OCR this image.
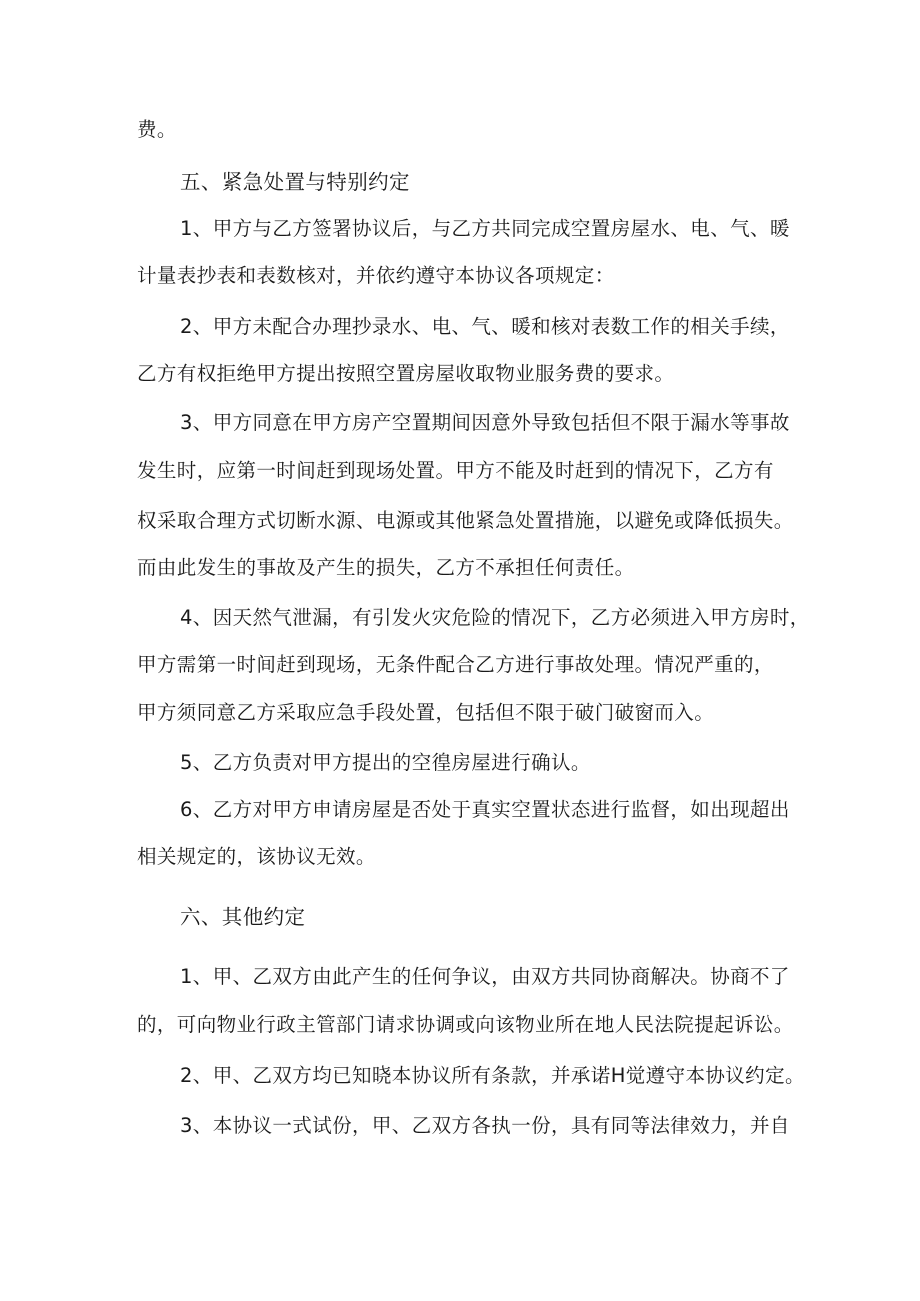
费。
五、紧急处置与特别约定
1、甲方与乙方签署协议后，与乙方共同完成空置房屋水、电、气、暖
计量表抄表和表数核对，并依约遵守本协议各项规定：
2、甲方未配合办理抄录水、电、气、暖和核对表数工作的相关手续，
乙方有权拒绝甲方提出按照空置房屋收取物业服务费的要求。
3、甲方同意在甲方房产空置期间因意外导致包括但不限于漏水等事故
发生时，应第一时间赶到现场处置。甲方不能及时赶到的情况下，乙方有
权采取合理方式切断水源、电源或其他紧急处置措施，以避免或降低损失。
而由此发生的事故及产生的损失，乙方不承担任何责任。
4、因天然气泄漏，有引发火灾危险的情况下，乙方必须进入甲方房时，
甲方需第一时间赶到现场，无条件配合乙方进行事故处理。情况严重的，
甲方须同意乙方采取应急手段处置，包括但不限于破门破窗而入。
5、乙方负责对甲方提出的空徨房屋进行确认。
6、乙方对甲方申请房屋是否处于真实空置状态进行监督，如出现超出
相关规定的，该协议无效。
六、其他约定
1、甲、乙双方由此产生的任何争议，由双方共同协商解决。协商不了
的，可向物业行政主管部门请求协调或向该物业所在地人民法院提起诉讼。
2、甲、乙双方均已知晓本协议所有条款，并承诺H觉遵守本协议约定。
3、本协议一式试份，甲、乙双方各执一份，具有同等法律效力，并自
